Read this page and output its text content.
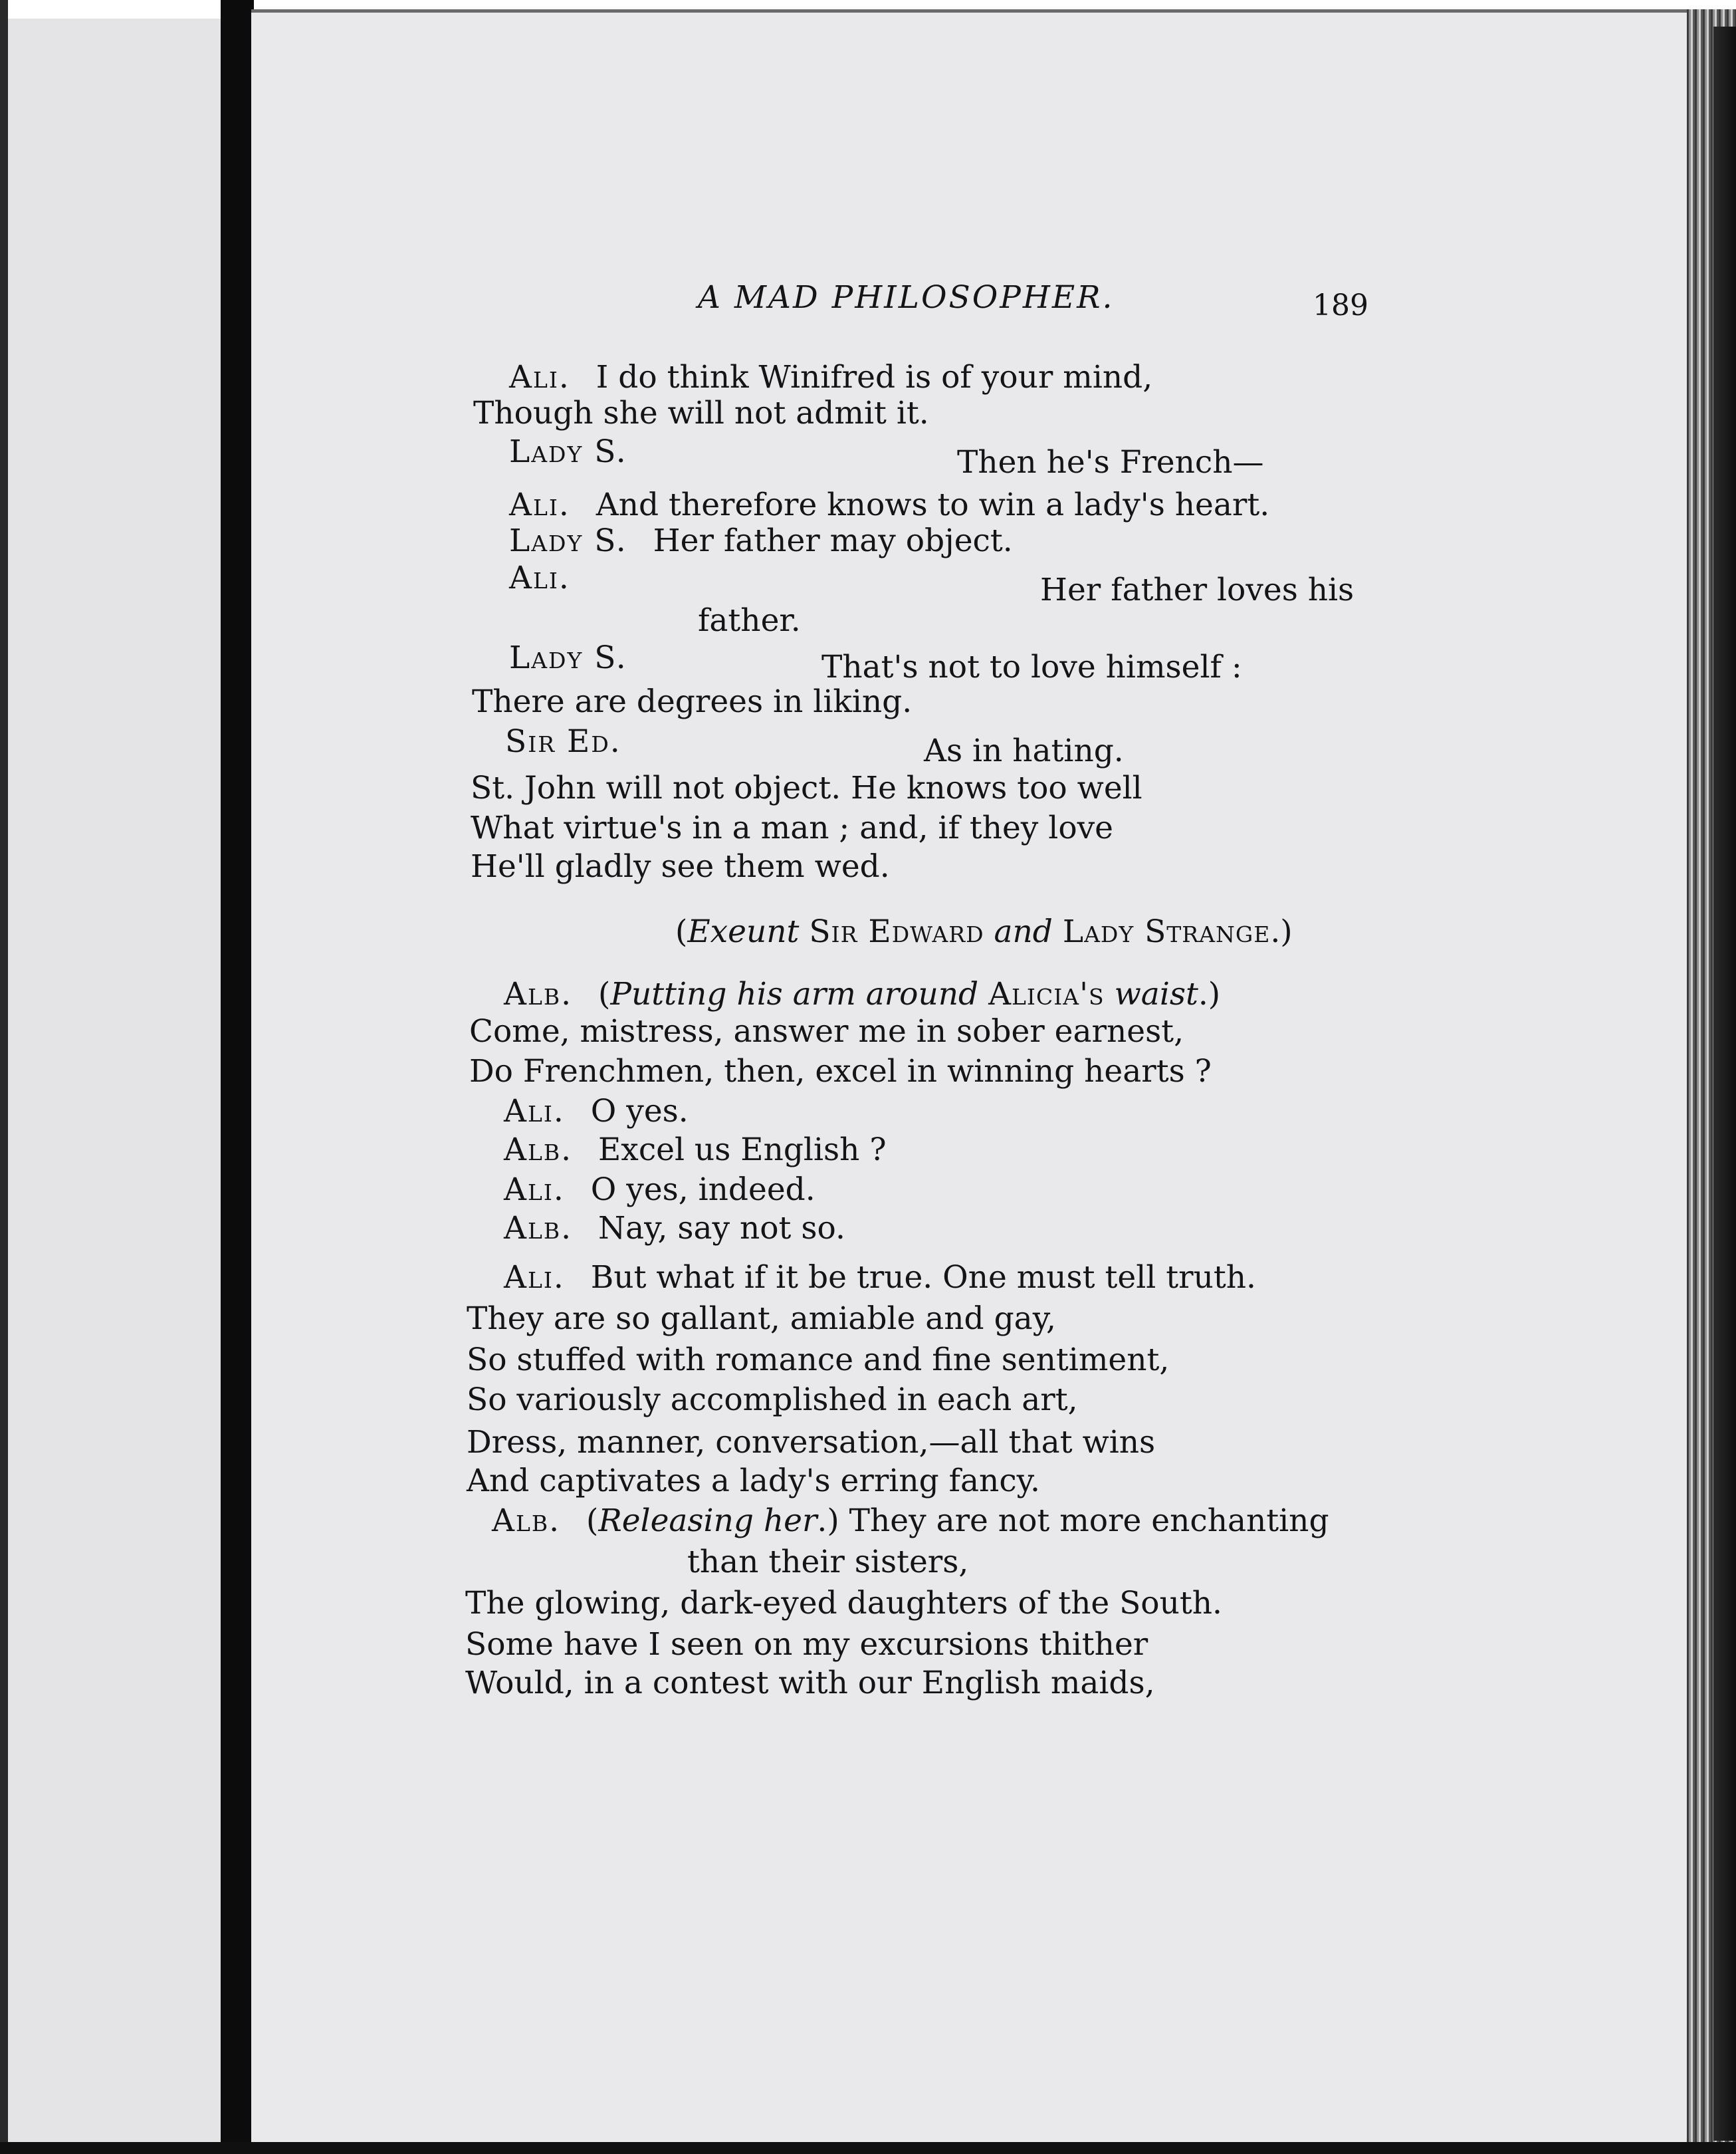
A MAD PHILOSOPHER.	189
Ali. I do think Winifred is of your mind,
Though she will not admit it.
Lady S.	Then he's French—
Ali. And therefore knows to win a lady's heart.
Lady S. Her father may object.
Ali.	Her father loves his
father.
Lady S.	That's not to love himself :
There are degrees in liking.
Sir Ed.	As in hating.
St. John will not object. He knows too well
What virtue's in a man ; and, if they love
He'll gladly see them wed.
(Exeunt Sir Edward and Lady Strange.)
Alb. (Putting his arm around Alicia's waist.)
Come, mistress, answer me in sober earnest,
Do Frenchmen, then, excel in winning hearts ?
Ali. O yes.
Alb. Excel us English ?
Ali. O yes, indeed.
Alb. Nay, say not so.
Ali. But what if it be true. One must tell truth.
They are so gallant, amiable and gay,
So stuffed with romance and fine sentiment,
So variously accomplished in each art,
Dress, manner, conversation,—all that wins
And captivates a lady's erring fancy.
Alb. (Releasing her.) They are not more enchanting
than their sisters,
The glowing, dark-eyed daughters of the South.
Some have I seen on my excursions thither
Would, in a contest with our English maids,
